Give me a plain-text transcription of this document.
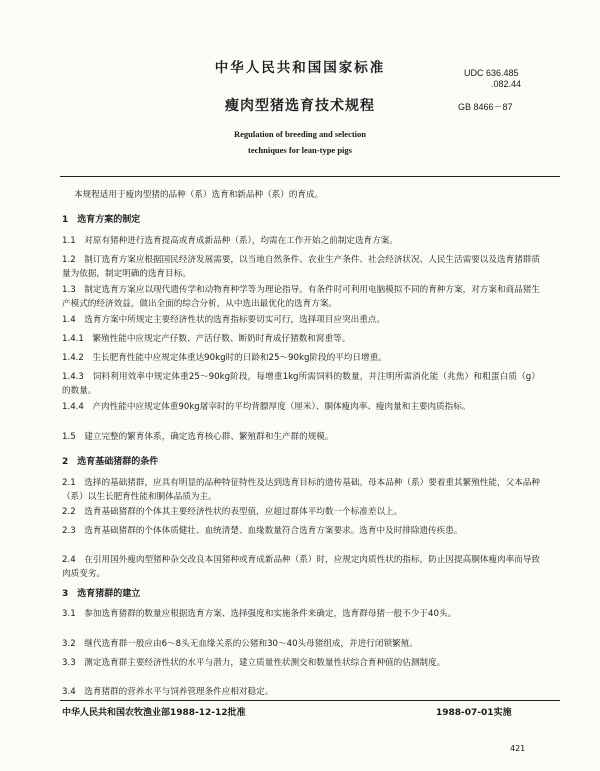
中华人民共和国国家标准	UDC 636.485
.082.44
瘦肉型猪选育技术规程	GB 8466－87
Regulation of breeding and selection
techniques for lean-type pigs
本规程适用于瘦肉型猪的品种（系）选育和新品种（系）的育成。
1　选育方案的制定
1.1　对原有猪种进行选育提高或育成新品种（系），均需在工作开始之前制定选育方案。
1.2　制订选育方案应根据国民经济发展需要，以当地自然条件、农业生产条件、社会经济状况、人民生活需要以及选育猪群质量为依据，制定明确的选育目标。
1.3　制定选育方案应以现代遗传学和动物育种学等为理论指导。有条件时可利用电脑模拟不同的育种方案，对方案和商品猪生产模式的经济效益，做出全面的综合分析，从中选出最优化的选育方案。
1.4　选育方案中所规定主要经济性状的选育指标要切实可行，选择项目应突出重点。
1.4.1　繁殖性能中应规定产仔数、产活仔数、断奶时育成仔猪数和窝重等。
1.4.2　生长肥育性能中应规定体重达90kg时的日龄和25～90kg阶段的平均日增重。
1.4.3　饲料利用效率中规定体重25～90kg阶段，每增重1kg所需饲料的数量，并注明所需消化能（兆焦）和粗蛋白质（g）的数量。
1.4.4　产肉性能中应规定体重90kg屠宰时的平均背膘厚度（厘米）、胴体瘦肉率、瘦肉量和主要肉质指标。
1.5　建立完整的繁育体系，确定选育核心群、繁殖群和生产群的规模。
2　选育基础猪群的条件
2.1　选择的基础猪群，应具有明显的品种特征特性及达到选育目标的遗传基础。母本品种（系）要着重其繁殖性能，父本品种（系）以生长肥育性能和胴体品质为主。
2.2　选育基础猪群的个体其主要经济性状的表型值，应超过群体平均数一个标准差以上。
2.3　选育基础猪群的个体体质健壮、血统清楚、血缘数量符合选育方案要求。选育中及时排除遗传疾患。
2.4　在引用国外瘦肉型猪种杂交改良本国猪种或育成新品种（系）时，应规定肉质性状的指标，防止因提高胴体瘦肉率而导致肉质变劣。
3　选育猪群的建立
3.1　参加选育猪群的数量应根据选育方案、选择强度和实施条件来确定，选育群母猪一般不少于40头。
3.2　继代选育群一般应由6～8头无血缘关系的公猪和30～40头母猪组成，并进行闭锁繁殖。
3.3　测定选育群主要经济性状的水平与潜力，建立质量性状测交和数量性状综合育种值的估测制度。
3.4　选育猪群的营养水平与饲养管理条件应相对稳定。
中华人民共和国农牧渔业部1988-12-12批准	1988-07-01实施
421
